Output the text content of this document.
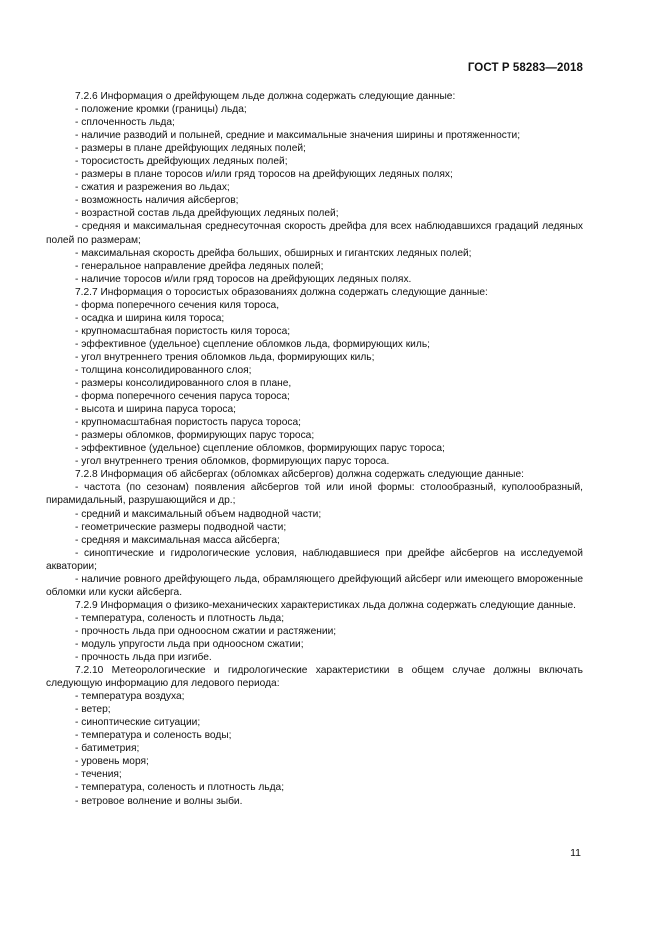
ГОСТ Р 58283—2018

7.2.6 Информация о дрейфующем льде должна содержать следующие данные:

- положение кромки (границы) льда;

- сплоченность льда;

- наличие разводий и полыней, средние и максимальные значения ширины и протяженности;

- размеры в плане дрейфующих ледяных полей;

- торосистость дрейфующих ледяных полей;

- размеры в плане торосов и/или гряд торосов на дрейфующих ледяных полях;

- сжатия и разрежения во льдах;

- возможность наличия айсбергов;

- возрастной состав льда дрейфующих ледяных полей;

- средняя и максимальная среднесуточная скорость дрейфа для всех наблюдавшихся градаций ледяных полей по размерам;

- максимальная скорость дрейфа больших, обширных и гигантских ледяных полей;

- генеральное направление дрейфа ледяных полей;

- наличие торосов и/или гряд торосов на дрейфующих ледяных полях.

7.2.7 Информация о торосистых образованиях должна содержать следующие данные:

- форма поперечного сечения киля тороса,

- осадка и ширина киля тороса;

- крупномасштабная пористость киля тороса;

- эффективное (удельное) сцепление обломков льда, формирующих киль;

- угол внутреннего трения обломков льда, формирующих киль;

- толщина консолидированного слоя;

- размеры консолидированного слоя в плане,

- форма поперечного сечения паруса тороса;

- высота и ширина паруса тороса;

- крупномасштабная пористость паруса тороса;

- размеры обломков, формирующих парус тороса;

- эффективное (удельное) сцепление обломков, формирующих парус тороса;

- угол внутреннего трения обломков, формирующих парус тороса.

7.2.8 Информация об айсбергах (обломках айсбергов) должна содержать следующие данные:

- частота (по сезонам) появления айсбергов той или иной формы: столообразный, куполообразный, пирамидальный, разрушающийся и др.;

- средний и максимальный объем надводной части;

- геометрические размеры подводной части;

- средняя и максимальная масса айсберга;

- синоптические и гидрологические условия, наблюдавшиеся при дрейфе айсбергов на исследуемой акватории;

- наличие ровного дрейфующего льда, обрамляющего дрейфующий айсберг или имеющего вмороженные обломки или куски айсберга.

7.2.9 Информация о физико-механических характеристиках льда должна содержать следующие данные.

- температура, соленость и плотность льда;

- прочность льда при одноосном сжатии и растяжении;

- модуль упругости льда при одноосном сжатии;

- прочность льда при изгибе.

7.2.10 Метеорологические и гидрологические характеристики в общем случае должны включать следующую информацию для ледового периода:

- температура воздуха;

- ветер;

- синоптические ситуации;

- температура и соленость воды;

- батиметрия;

- уровень моря;

- течения;

- температура, соленость и плотность льда;

- ветровое волнение и волны зыби.

11
